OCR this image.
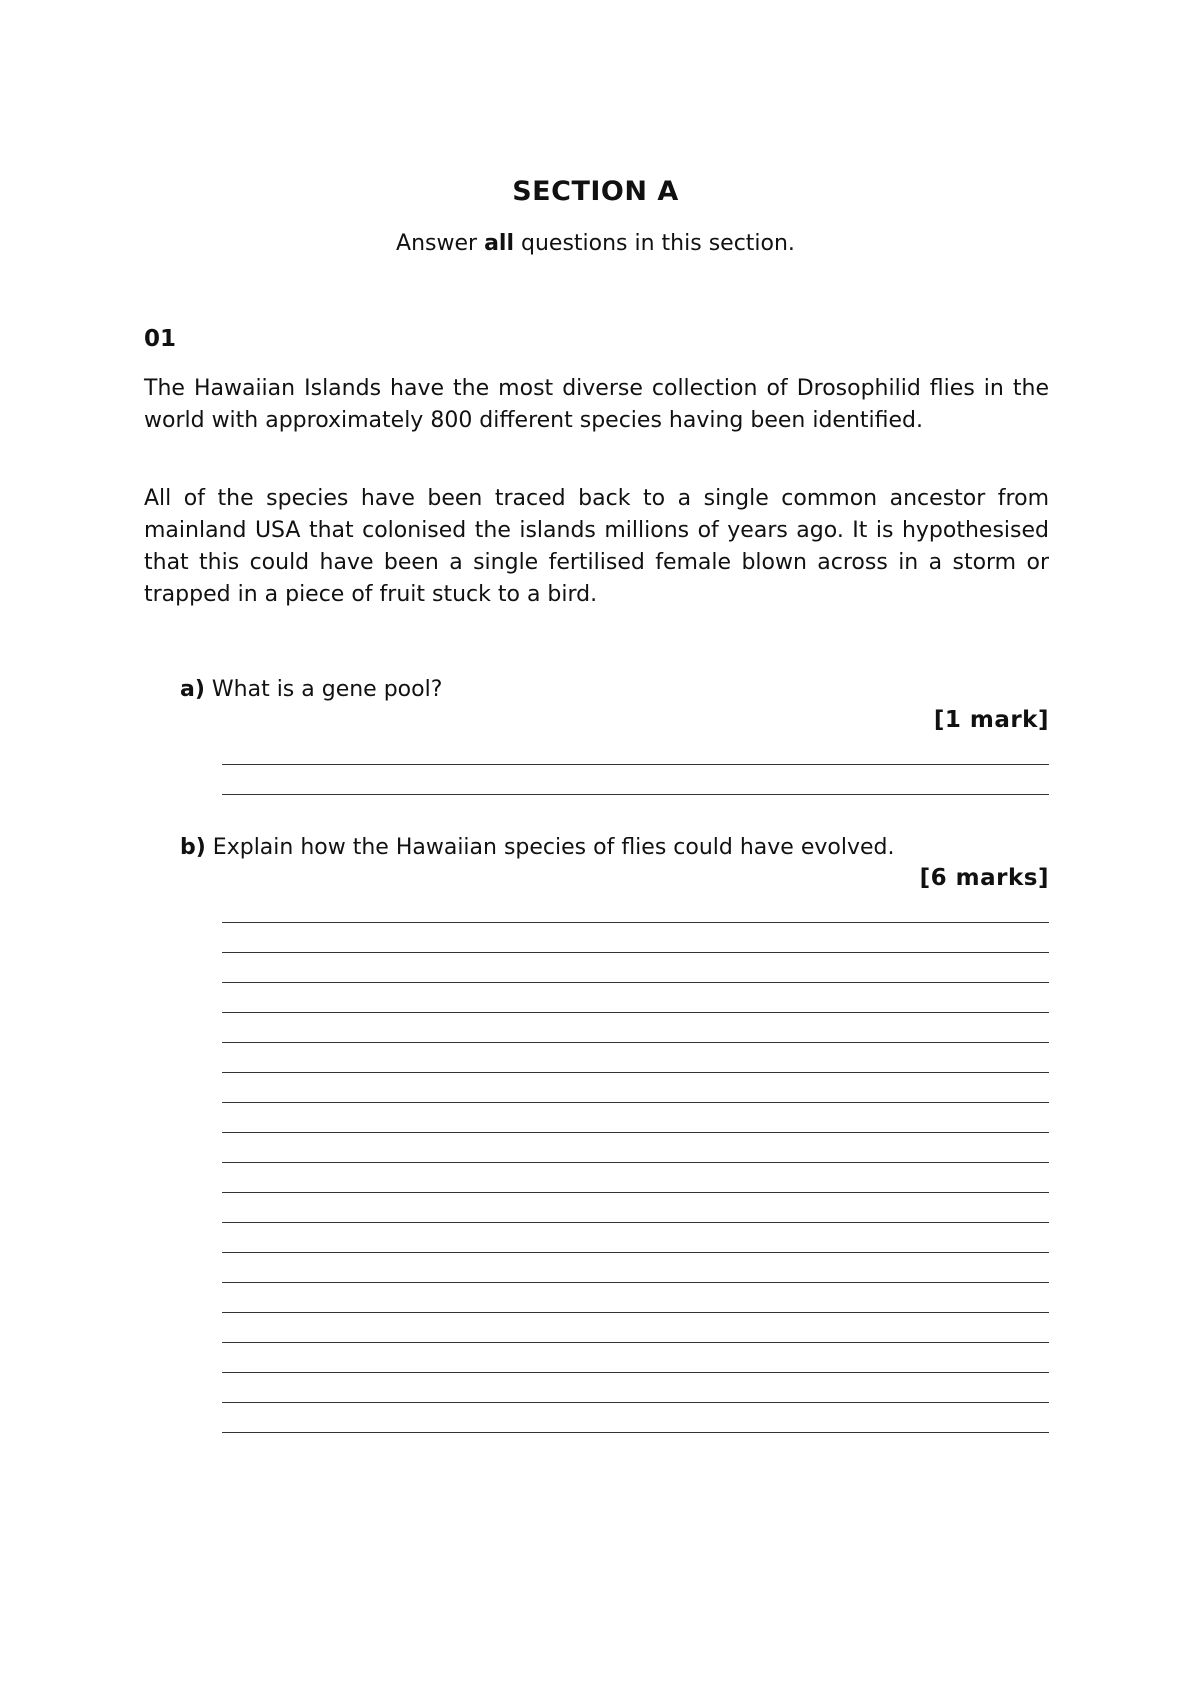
SECTION A
Answer all questions in this section.
01
The Hawaiian Islands have the most diverse collection of Drosophilid flies in the world with approximately 800 different species having been identified.
All of the species have been traced back to a single common ancestor from mainland USA that colonised the islands millions of years ago. It is hypothesised that this could have been a single fertilised female blown across in a storm or trapped in a piece of fruit stuck to a bird.
a) What is a gene pool?
[1 mark]
b) Explain how the Hawaiian species of flies could have evolved.
[6 marks]
